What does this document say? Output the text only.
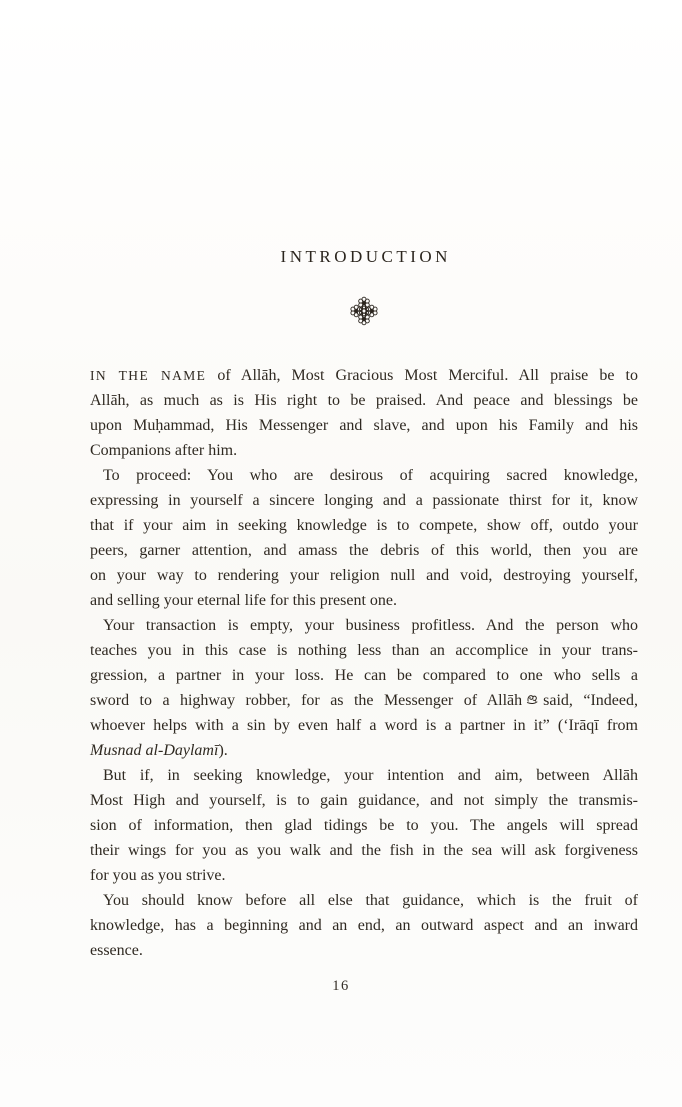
INTRODUCTION
IN THE NAME of Allāh, Most Gracious Most Merciful. All praise be to
Allāh, as much as is His right to be praised. And peace and blessings be
upon Muḥammad, His Messenger and slave, and upon his Family and his
Companions after him.
To proceed: You who are desirous of acquiring sacred knowledge,
expressing in yourself a sincere longing and a passionate thirst for it, know
that if your aim in seeking knowledge is to compete, show off, outdo your
peers, garner attention, and amass the debris of this world, then you are
on your way to rendering your religion null and void, destroying yourself,
and selling your eternal life for this present one.
Your transaction is empty, your business profitless. And the person who
teaches you in this case is nothing less than an accomplice in your trans-
gression, a partner in your loss. He can be compared to one who sells a
sword to a highway robber, for as the Messenger of Allāh said, “Indeed,
whoever helps with a sin by even half a word is a partner in it” (‘Irāqī from
Musnad al-Daylamī).
But if, in seeking knowledge, your intention and aim, between Allāh
Most High and yourself, is to gain guidance, and not simply the transmis-
sion of information, then glad tidings be to you. The angels will spread
their wings for you as you walk and the fish in the sea will ask forgiveness
for you as you strive.
You should know before all else that guidance, which is the fruit of
knowledge, has a beginning and an end, an outward aspect and an inward
essence.
16
